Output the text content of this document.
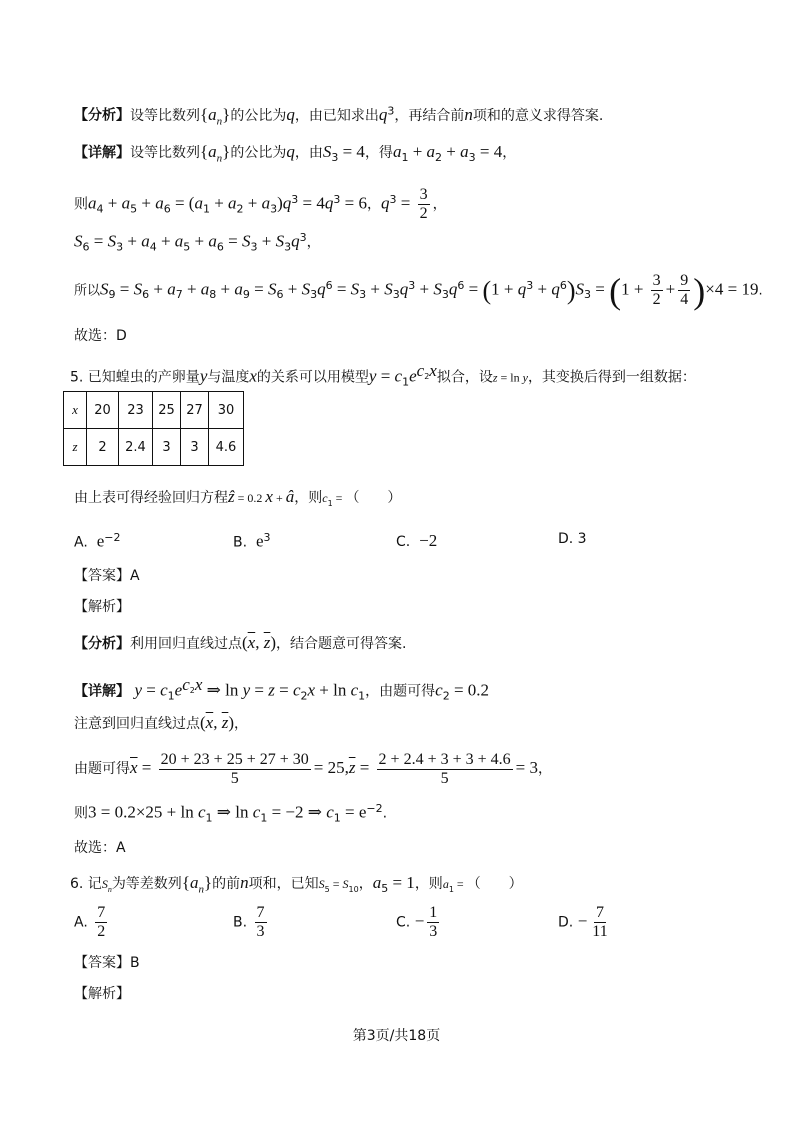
【分析】设等比数列$\{a_n\}$的公比为q，由已知求出$q^3$，再结合前n项和的意义求得答案.
【详解】设等比数列$\{a_n\}$的公比为q，由$S_3 = 4$，得$a_1 + a_2 + a_3 = 4$，
则$a_4 + a_5 + a_6 = (a_1 + a_2 + a_3)q^3 = 4q^3 = 6$，$q^3 = \frac{3}{2}$ ，
$S_6 = S_3 + a_4 + a_5 + a_6 = S_3 + S_3q^3$，
所以$S_9 = S_6 + a_7 + a_8 + a_9 = S_6 + S_3q^6 = S_3 + S_3q^3 + S_3q^6 = (1 + q^3 + q^6)S_3 = (1 + \frac{3}{2} + \frac{9}{4} )\times 4 = 19$.
故选：D
5. 已知蝗虫的产卵量y与温度x的关系可以用模型$y = c_1e^{c_2x}$拟合，设z = ln y，其变换后得到一组数据：
x	20	23	25	27	30
z	2	2.4	3	3	4.6
由上表可得经验回归方程ẑ = 0.2 x + â，则$c_1$ = （　　）
A.  $e^{-2}$	B.  $e^3$	C.  −2	D. 3
【答案】A
【解析】
【分析】利用回归直线过点($\overline{x}$, $\overline{z}$)，结合题意可得答案.
【详解】 $y = c_1e^{c_2x}$ ⇒ $\ln y = z = c_2x + \ln c_1$，由题可得$c_2 = 0.2$
注意到回归直线过点($\overline{x}$, $\overline{z}$)，
由题可得$\overline{x} = \frac{20 + 23 + 25 + 27 + 30}{5} = 25,\overline{z} = \frac{2 + 2.4 + 3 + 3 + 4.6}{5} = 3$，
则$3 = 0.2\times 25 + \ln c_1$ ⇒ $\ln c_1 = -2$ ⇒ $c_1 = e^{-2}$.
故选：A
6. 记$S_n$为等差数列$\{a_n\}$的前n项和，已知$S_5 = S_{10}$，$a_5 = 1$，则$a_1$ = （　　）
A. $\frac{7}{2}$	B. $\frac{7}{3}$	C. − $\frac{1}{3}$	D. − $\frac{7}{11}$
【答案】B
【解析】
第3页/共18页
